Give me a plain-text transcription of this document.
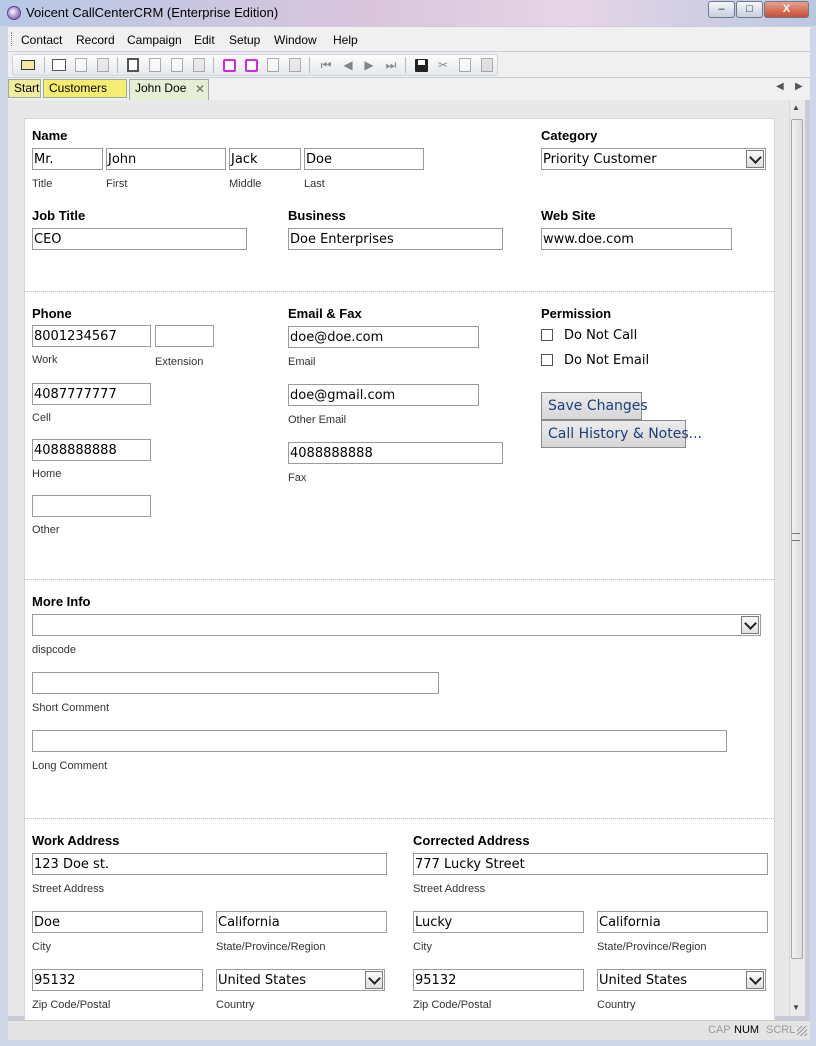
Voicent CallCenterCRM (Enterprise Edition)	–	□	X
Contact Record Campaign Edit Setup Window Help
⏮ ◀ ▶ ⏭	✂
Start Customers	John Doe ✕	◀ ▶
Name
Mr.	John	Jack	Doe
Title	First	Middle	Last
Category
Priority Customer
Job Title
CEO
Business
Doe Enterprises
Web Site
www.doe.com
Phone
8001234567
Work	Extension
4087777777
Cell
4088888888
Home
Other
Email & Fax
doe@doe.com
Email
doe@gmail.com
Other Email
4088888888
Fax
Permission
Do Not Call
Do Not Email
Save Changes
Call History & Notes...
More Info
dispcode
Short Comment
Long Comment
Work Address
123 Doe st.
Street Address
Doe
City
California
State/Province/Region
95132
Zip Code/Postal
United States
Country
Corrected Address
777 Lucky Street
Street Address
Lucky
City
California
State/Province/Region
95132
Zip Code/Postal
United States
Country
▲
▼
CAP NUM SCRL
